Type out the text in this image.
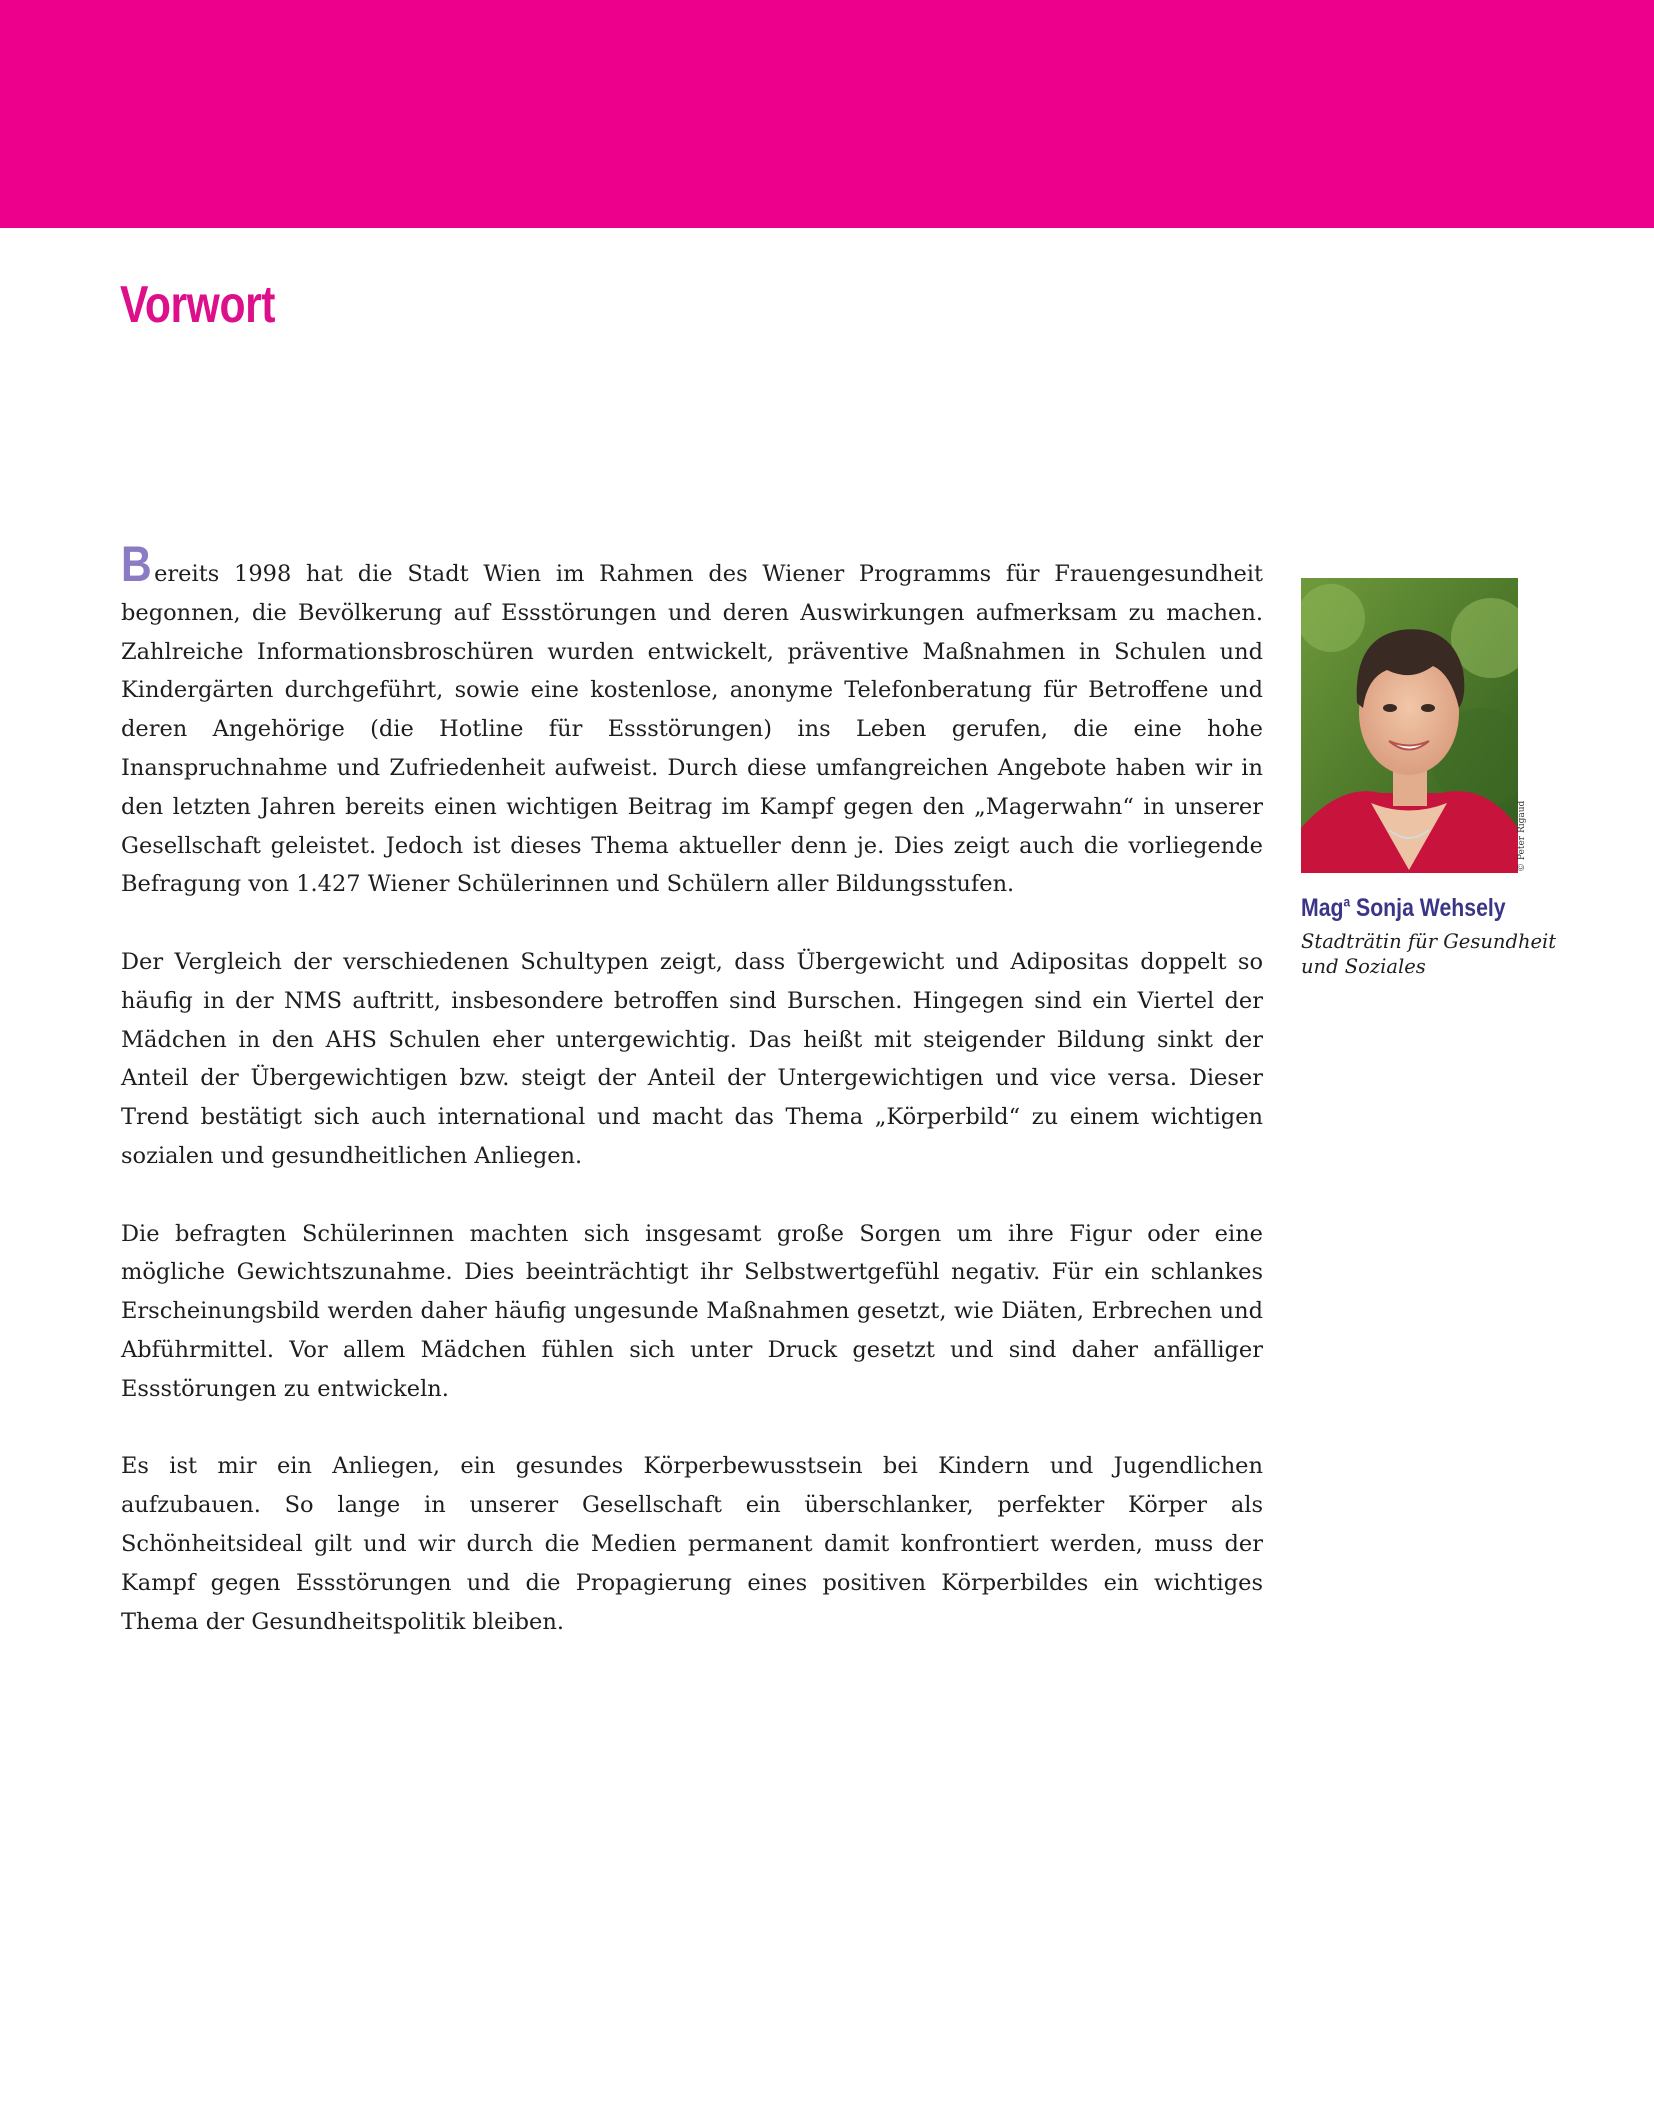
Vorwort

Bereits 1998 hat die Stadt Wien im Rahmen des Wiener Programms für Frauengesundheit begonnen, die Bevölkerung auf Essstörungen und deren Auswirkungen aufmerksam zu machen. Zahlreiche Informationsbroschüren wurden entwickelt, präventive Maßnahmen in Schulen und Kindergärten durchgeführt, sowie eine kostenlose, anonyme Telefonberatung für Betroffene und deren Angehörige (die Hotline für Essstörungen) ins Leben gerufen, die eine hohe Inanspruchnahme und Zufriedenheit aufweist. Durch diese umfangreichen Angebote haben wir in den letzten Jahren bereits einen wichtigen Beitrag im Kampf gegen den „Magerwahn“ in unserer Gesellschaft geleistet. Jedoch ist dieses Thema aktueller denn je. Dies zeigt auch die vorliegende Befragung von 1.427 Wiener Schülerinnen und Schülern aller Bildungsstufen.

Der Vergleich der verschiedenen Schultypen zeigt, dass Übergewicht und Adipositas doppelt so häufig in der NMS auftritt, insbesondere betroffen sind Burschen. Hingegen sind ein Viertel der Mädchen in den AHS Schulen eher untergewichtig. Das heißt mit steigender Bildung sinkt der Anteil der Übergewichtigen bzw. steigt der Anteil der Untergewichtigen und vice versa. Dieser Trend bestätigt sich auch international und macht das Thema „Körperbild“ zu einem wichtigen sozialen und gesundheitlichen Anliegen.

Die befragten Schülerinnen machten sich insgesamt große Sorgen um ihre Figur oder eine mögliche Gewichtszunahme. Dies beeinträchtigt ihr Selbstwertgefühl negativ. Für ein schlankes Erscheinungsbild werden daher häufig ungesunde Maßnahmen gesetzt, wie Diäten, Erbrechen und Abführmittel. Vor allem Mädchen fühlen sich unter Druck gesetzt und sind daher anfälliger Essstörungen zu entwickeln.

Es ist mir ein Anliegen, ein gesundes Körperbewusstsein bei Kindern und Jugendlichen aufzubauen. So lange in unserer Gesellschaft ein überschlanker, perfekter Körper als Schönheitsideal gilt und wir durch die Medien permanent damit konfrontiert werden, muss der Kampf gegen Essstörungen und die Propagierung eines positiven Körperbildes ein wichtiges Thema der Gesundheitspolitik bleiben.

© Peter Rigaud
Mag$^a$ Sonja Wehsely
Stadträtin für Gesundheit
und Soziales
